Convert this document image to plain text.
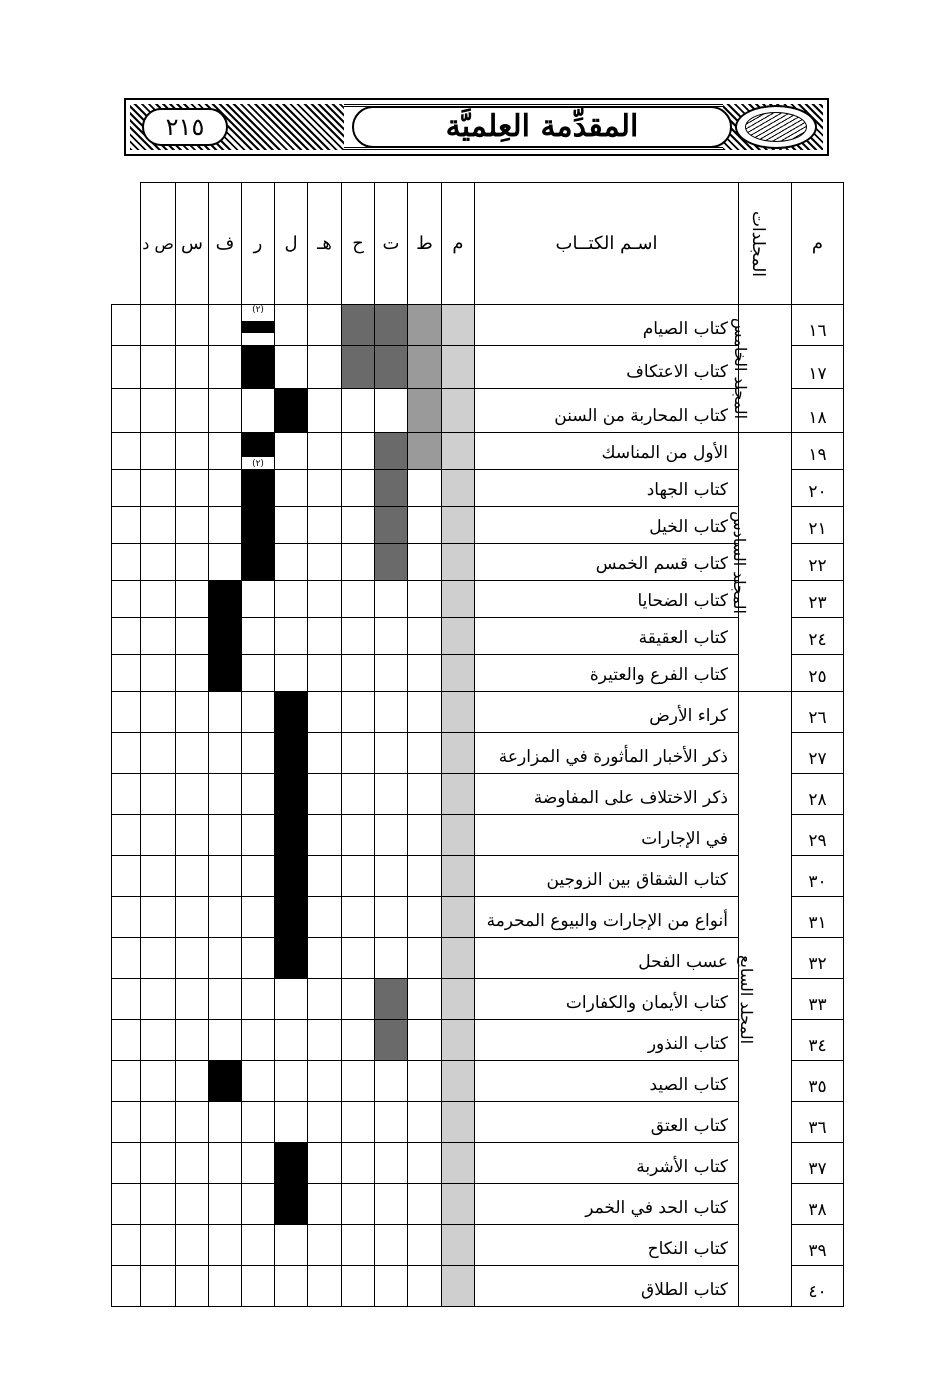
٢١٥	المقدِّمة العِلميَّة
م	المجلدات	اسـم الكتــاب	م	ط	ت	ح	هـ	ل	ر	ف	س	ص د	
١٦	المجلد الخامس	كتاب الصيام							(٢)				

١٧		كتاب الاعتكاف											
١٨		كتاب المحاربة من السنن											
١٩	المجلد السادس	الأول من المناسك							(٢)				

٢٠		كتاب الجهاد											
٢١		كتاب الخيل											
٢٢		كتاب قسم الخمس											
٢٣		كتاب الضحايا											
٢٤		كتاب العقيقة											
٢٥		كتاب الفرع والعتيرة											
٢٦	المجلد السابع	كراء الأرض											
٢٧		ذكر الأخبار المأثورة في المزارعة											
٢٨		ذكر الاختلاف على المفاوضة											
٢٩		في الإجارات											
٣٠		كتاب الشقاق بين الزوجين											
٣١		أنواع من الإجارات والبيوع المحرمة											
٣٢		عسب الفحل											
٣٣		كتاب الأيمان والكفارات											
٣٤		كتاب النذور											
٣٥		كتاب الصيد											
٣٦		كتاب العتق											
٣٧		كتاب الأشربة											
٣٨		كتاب الحد في الخمر											
٣٩		كتاب النكاح											
٤٠		كتاب الطلاق											
